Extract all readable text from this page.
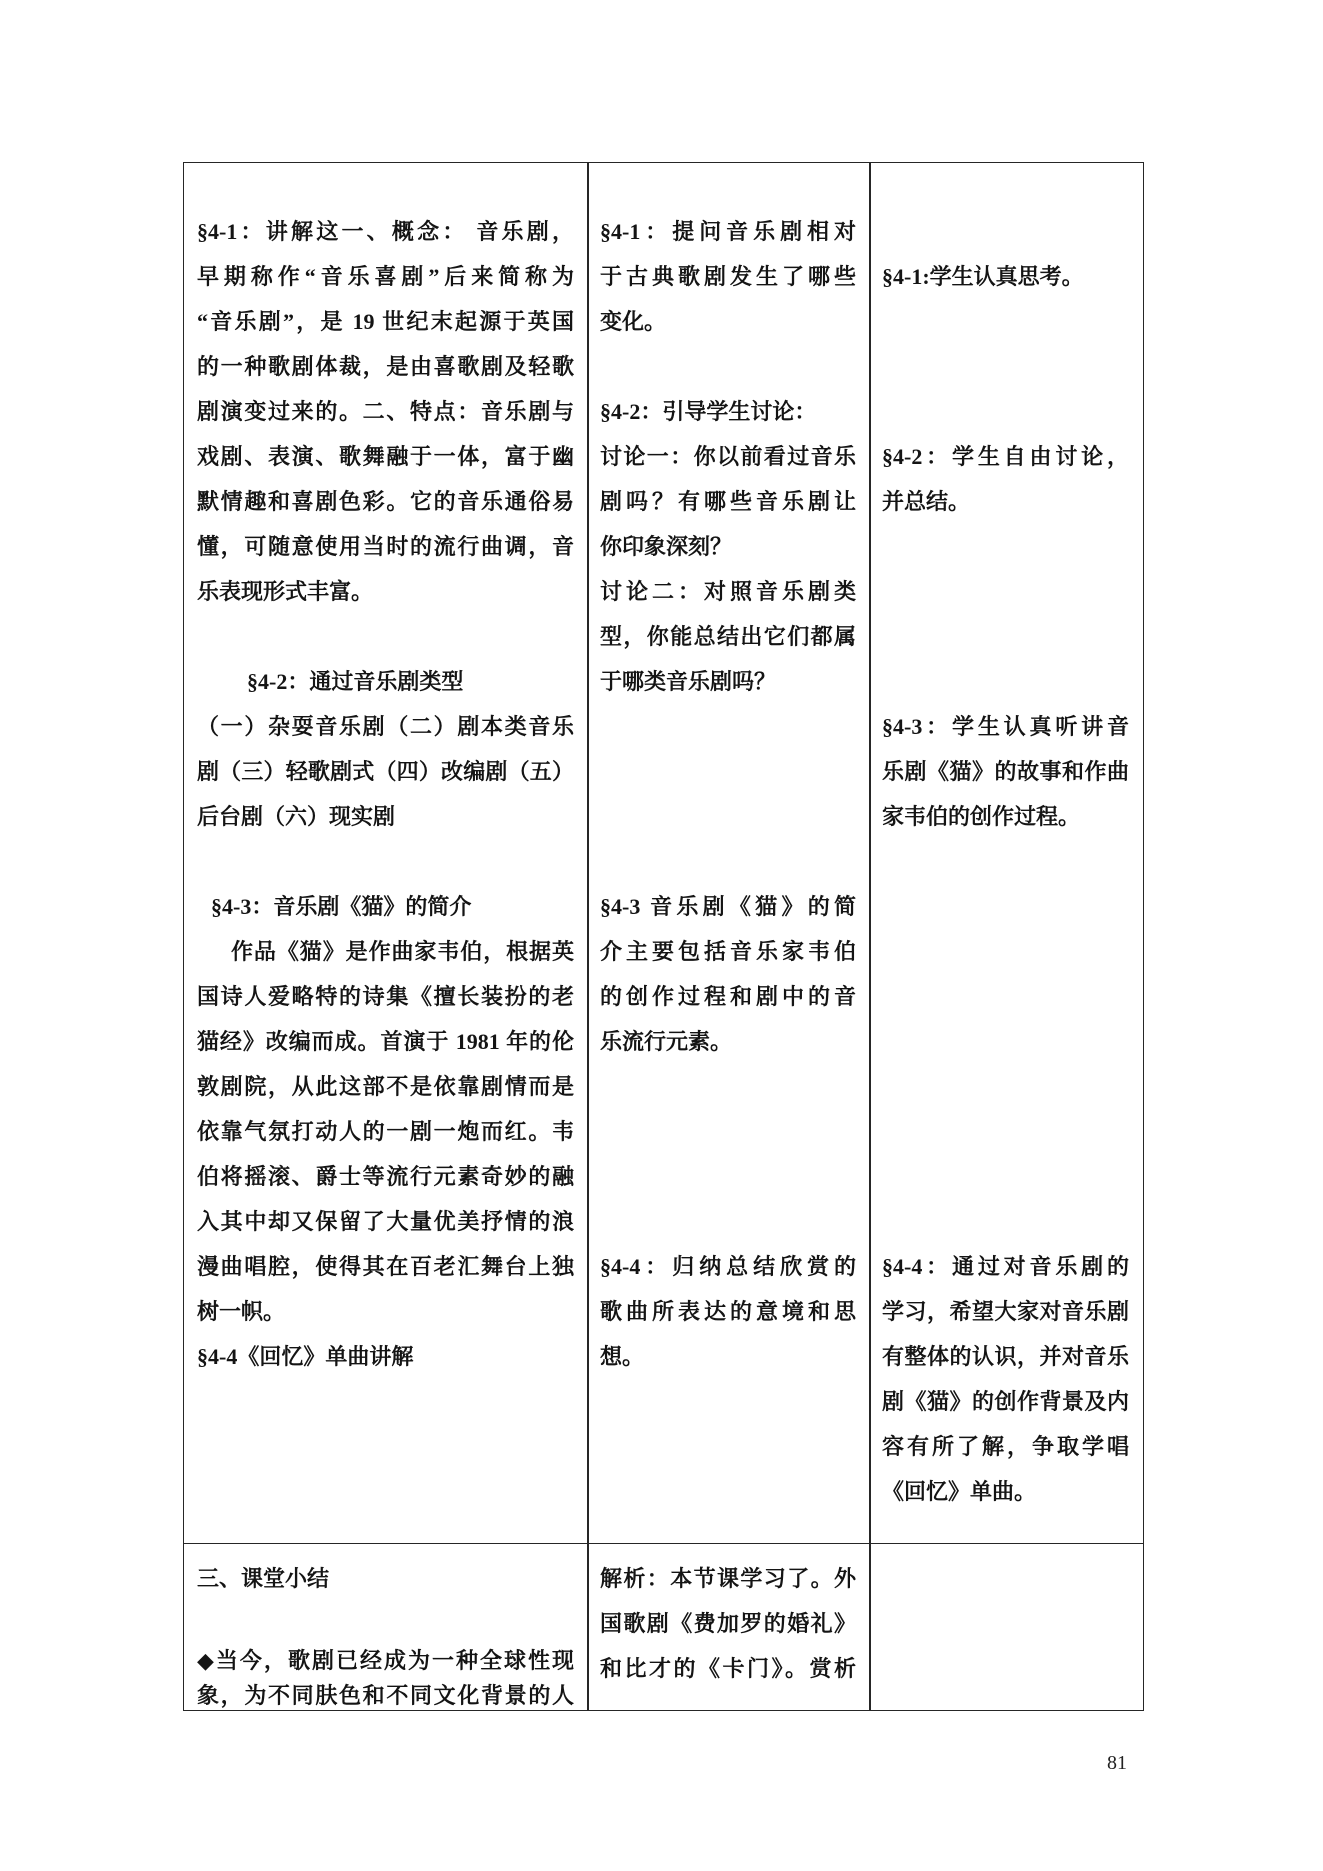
§4-1：讲解这一、概念： 音乐剧，
早期称作“音乐喜剧”后来简称为
“音乐剧”，是 19 世纪末起源于英国
的一种歌剧体裁，是由喜歌剧及轻歌
剧演变过来的。二、特点：音乐剧与
戏剧、表演、歌舞融于一体，富于幽
默情趣和喜剧色彩。它的音乐通俗易
懂，可随意使用当时的流行曲调，音
乐表现形式丰富。
§4-2：通过音乐剧类型
（一）杂耍音乐剧（二）剧本类音乐
剧（三）轻歌剧式（四）改编剧（五）
后台剧（六）现实剧
§4-3：音乐剧《猫》的简介
作品《猫》是作曲家韦伯，根据英
国诗人爱略特的诗集《擅长装扮的老
猫经》改编而成。首演于 1981 年的伦
敦剧院，从此这部不是依靠剧情而是
依靠气氛打动人的一剧一炮而红。韦
伯将摇滚、爵士等流行元素奇妙的融
入其中却又保留了大量优美抒情的浪
漫曲唱腔，使得其在百老汇舞台上独
树一帜。
§4-4《回忆》单曲讲解
§4-1：提问音乐剧相对
于古典歌剧发生了哪些
变化。
§4-2：引导学生讨论：
讨论一：你以前看过音乐
剧吗？有哪些音乐剧让
你印象深刻？
讨论二：对照音乐剧类
型，你能总结出它们都属
于哪类音乐剧吗？
§4-3 音乐剧《猫》的简
介主要包括音乐家韦伯
的创作过程和剧中的音
乐流行元素。
§4-4：归纳总结欣赏的
歌曲所表达的意境和思
想。
§4-1:学生认真思考。
§4-2：学生自由讨论，
并总结。
§4-3：学生认真听讲音
乐剧《猫》的故事和作曲
家韦伯的创作过程。
§4-4：通过对音乐剧的
学习，希望大家对音乐剧
有整体的认识，并对音乐
剧《猫》的创作背景及内
容有所了解，争取学唱
《回忆》单曲。
三、课堂小结
◆当今，歌剧已经成为一种全球性现
象，为不同肤色和不同文化背景的人
解析：本节课学习了。外
国歌剧《费加罗的婚礼》
和比才的《卡门》。赏析
81
